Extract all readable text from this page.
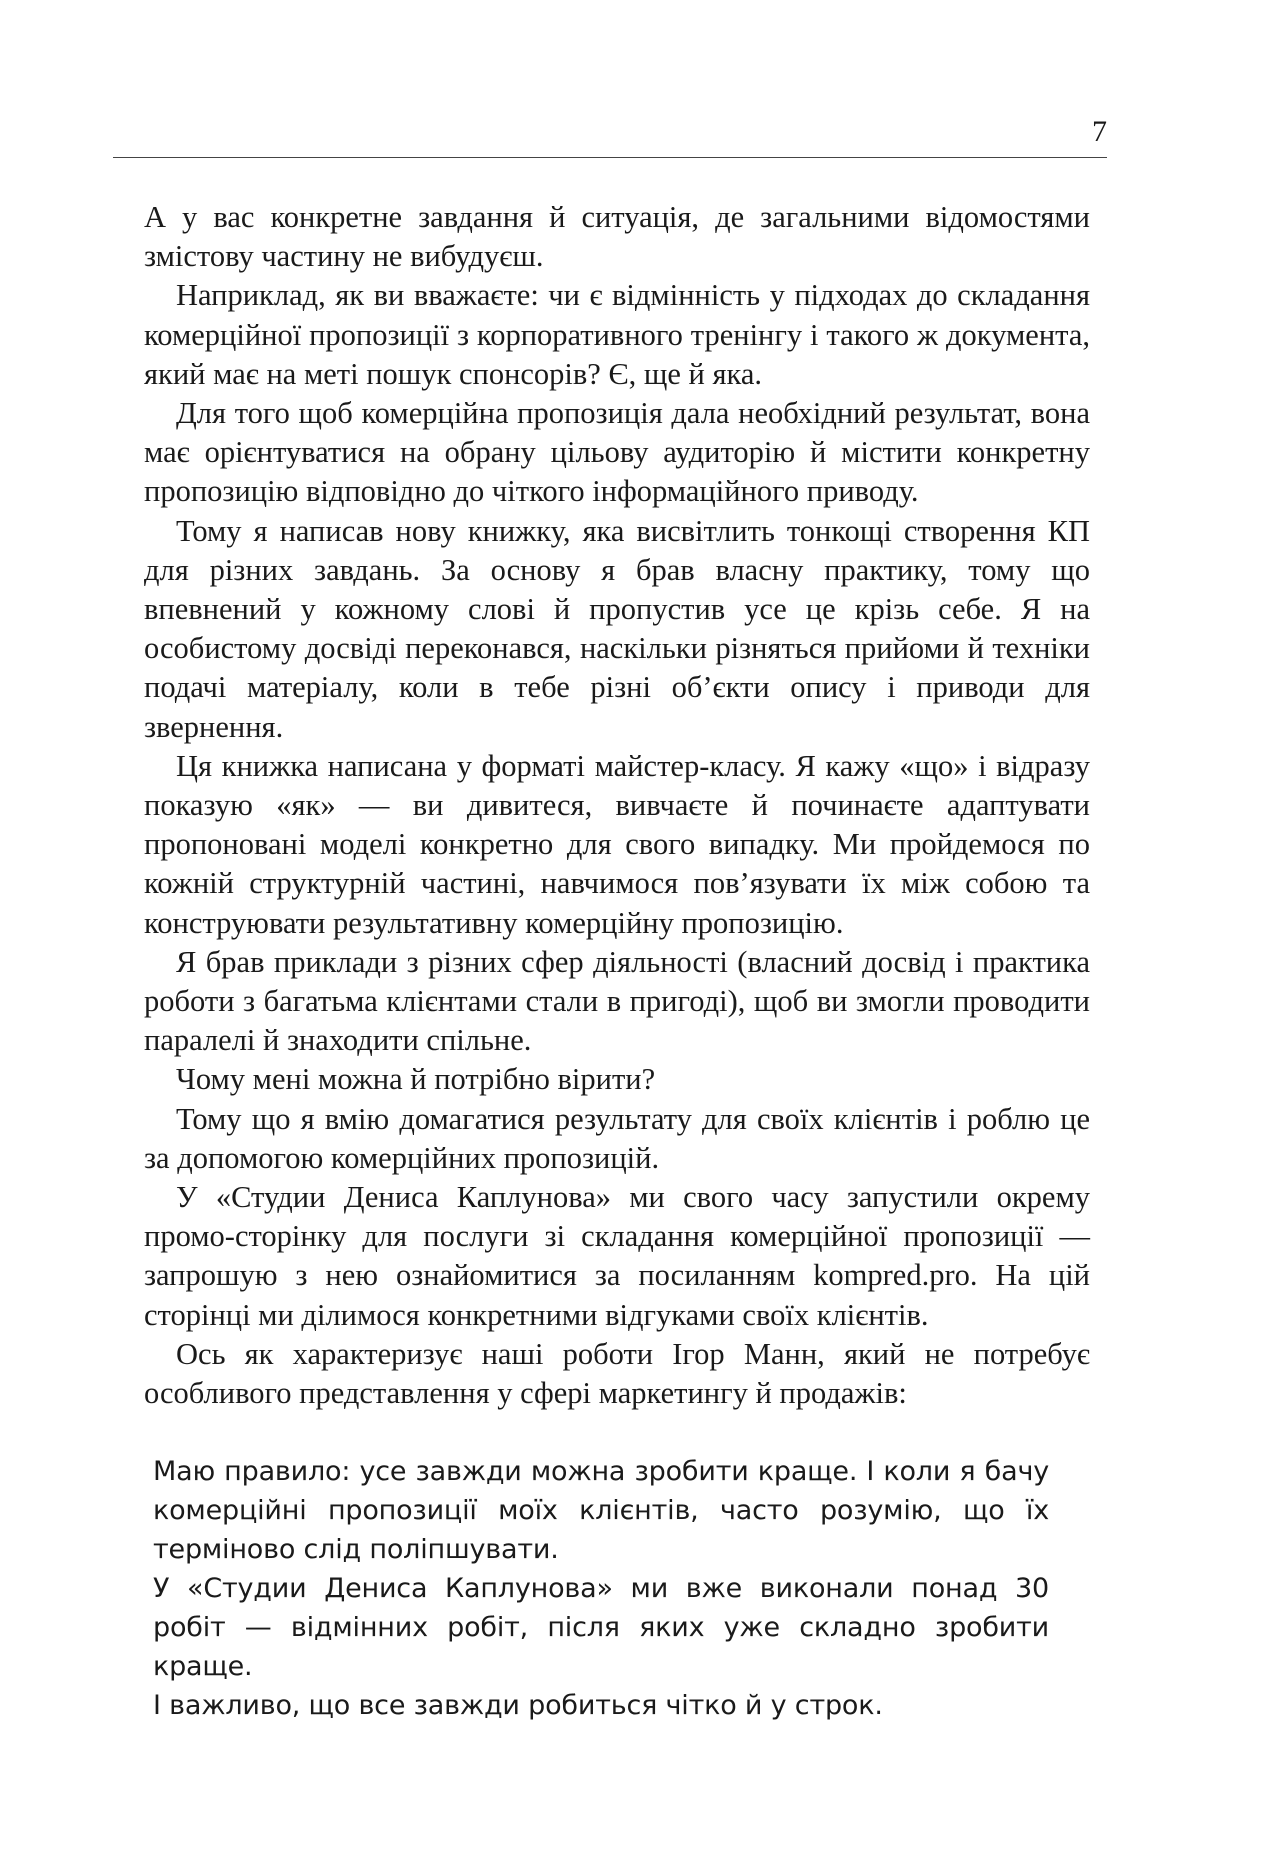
7

А у вас конкретне завдання й ситуація, де загальними відомостями змістову частину не вибудуєш.

Наприклад, як ви вважаєте: чи є відмінність у підходах до складання комерційної пропозиції з корпоративного тренінгу і такого ж документа, який має на меті пошук спонсорів? Є, ще й яка.

Для того щоб комерційна пропозиція дала необхідний результат, вона має орієнтуватися на обрану цільову аудиторію й містити конкретну пропозицію відповідно до чіткого інформаційного приводу.

Тому я написав нову книжку, яка висвітлить тонкощі створення КП для різних завдань. За основу я брав власну практику, тому що впевнений у кожному слові й пропустив усе це крізь себе. Я на особистому досвіді переконався, наскільки різняться прийоми й техніки подачі матеріалу, коли в тебе різні об’єкти опису і приводи для звернення.

Ця книжка написана у форматі майстер-класу. Я кажу «що» і відразу показую «як» — ви дивитеся, вивчаєте й починаєте адаптувати пропоновані моделі конкретно для свого випадку. Ми пройдемося по кожній структурній частині, навчимося пов’язувати їх між собою та конструювати результативну комерційну пропозицію.

Я брав приклади з різних сфер діяльності (власний досвід і практика роботи з багатьма клієнтами стали в пригоді), щоб ви змогли проводити паралелі й знаходити спільне.

Чому мені можна й потрібно вірити?

Тому що я вмію домагатися результату для своїх клієнтів і роблю це за допомогою комерційних пропозицій.

У «Студии Дениса Каплунова» ми свого часу запустили окрему промо-сторінку для послуги зі складання комерційної пропозиції — запрошую з нею ознайомитися за посиланням kompred.pro. На цій сторінці ми ділимося конкретними відгуками своїх клієнтів.

Ось як характеризує наші роботи Ігор Манн, який не потребує особливого представлення у сфері маркетингу й продажів:

Маю правило: усе завжди можна зробити краще. І коли я бачу комерційні пропозиції моїх клієнтів, часто розумію, що їх терміново слід поліпшувати.

У «Студии Дениса Каплунова» ми вже виконали понад 30 робіт — відмінних робіт, після яких уже складно зробити краще.

І важливо, що все завжди робиться чітко й у строк.
